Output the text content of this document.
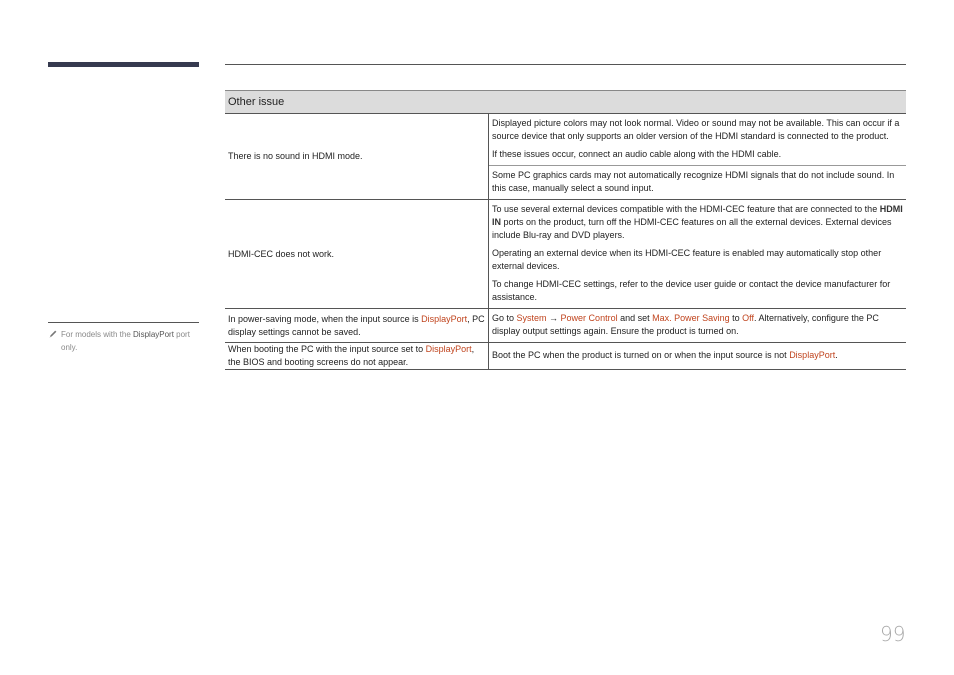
For models with the DisplayPort port only.
Other issue	
There is no sound in HDMI mode.	Displayed picture colors may not look normal. Video or sound may not be available. This can occur if a source device that only supports an older version of the HDMI standard is connected to the product.

If these issues occur, connect an audio cable along with the HDMI cable.

	Some PC graphics cards may not automatically recognize HDMI signals that do not include sound. In this case, manually select a sound input.

HDMI-CEC does not work.	To use several external devices compatible with the HDMI-CEC feature that are connected to the HDMI IN ports on the product, turn off the HDMI-CEC features on all the external devices. External devices include Blu-ray and DVD players.

Operating an external device when its HDMI-CEC feature is enabled may automatically stop other external devices.

To change HDMI-CEC settings, refer to the device user guide or contact the device manufacturer for assistance.

In power-saving mode, when the input source is DisplayPort, PC display settings cannot be saved.	Go to System → Power Control and set Max. Power Saving to Off. Alternatively, configure the PC display output settings again. Ensure the product is turned on.

When booting the PC with the input source set to DisplayPort, the BIOS and booting screens do not appear.	Boot the PC when the product is turned on or when the input source is not DisplayPort.

99
